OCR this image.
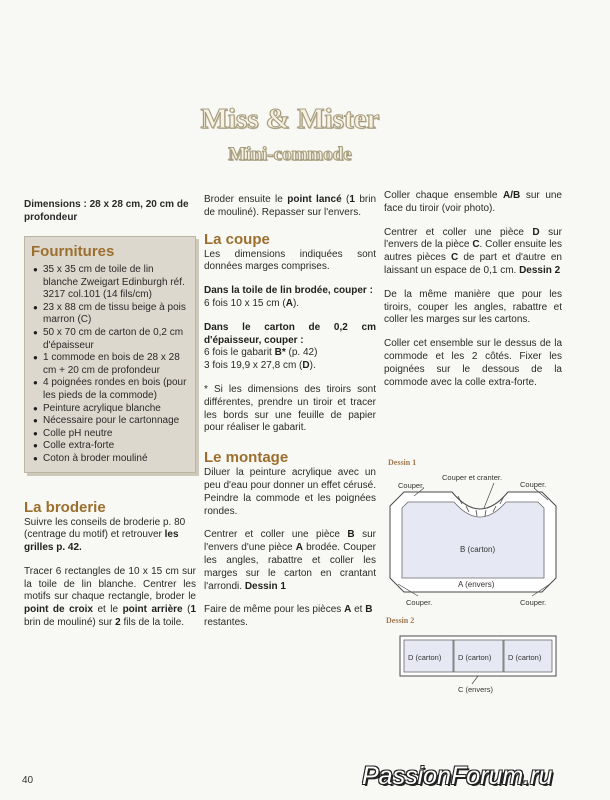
Miss & Mister
Mini-commode
Dimensions : 28 x 28 cm, 20 cm de profondeur
Fournitures
● 35 x 35 cm de toile de lin blanche Zweigart Edinburgh réf. 3217 col.101 (14 fils/cm)
● 23 x 88 cm de tissu beige à pois marron (C)
● 50 x 70 cm de carton de 0,2 cm d'épaisseur
● 1 commode en bois de 28 x 28 cm + 20 cm de profondeur
● 4 poignées rondes en bois (pour les pieds de la commode)
● Peinture acrylique blanche
● Nécessaire pour le cartonnage
● Colle pH neutre
● Colle extra-forte
● Coton à broder mouliné
La broderie

Suivre les conseils de broderie p. 80 (centrage du motif) et retrouver les grilles p. 42.

Tracer 6 rectangles de 10 x 15 cm sur la toile de lin blanche. Centrer les motifs sur chaque rectangle, broder le point de croix et le point arrière (1 brin de mouliné) sur 2 fils de la toile.

Broder ensuite le point lancé (1 brin de mouliné). Repasser sur l'envers.

La coupe

Les dimensions indiquées sont données marges comprises.

Dans la toile de lin brodée, couper :

6 fois 10 x 15 cm (A).

Dans le carton de 0,2 cm d'épaisseur, couper :

6 fois le gabarit B* (p. 42)

3 fois 19,9 x 27,8 cm (D).

* Si les dimensions des tiroirs sont différentes, prendre un tiroir et tracer les bords sur une feuille de papier pour réaliser le gabarit.

Le montage

Diluer la peinture acrylique avec un peu d'eau pour donner un effet cérusé. Peindre la commode et les poignées rondes.

Centrer et coller une pièce B sur l'envers d'une pièce A brodée. Couper les angles, rabattre et coller les marges sur le carton en crantant l'arrondi. Dessin 1

Faire de même pour les pièces A et B restantes.

Coller chaque ensemble A/B sur une face du tiroir (voir photo).

Centrer et coller une pièce D sur l'envers de la pièce C. Coller ensuite les autres pièces C de part et d'autre en laissant un espace de 0,1 cm. Dessin 2

De la même manière que pour les tiroirs, couper les angles, rabattre et coller les marges sur les cartons.

Coller cet ensemble sur le dessus de la commode et les 2 côtés. Fixer les poignées sur le dessous de la commode avec la colle extra-forte.

Dessin 1
Couper.
Couper et cranter.
Couper.
B (carton)
A (envers)
Couper.	Couper.
Dessin 2
D (carton) D (carton) D (carton)
C (envers)
40	PassionForum.ru
